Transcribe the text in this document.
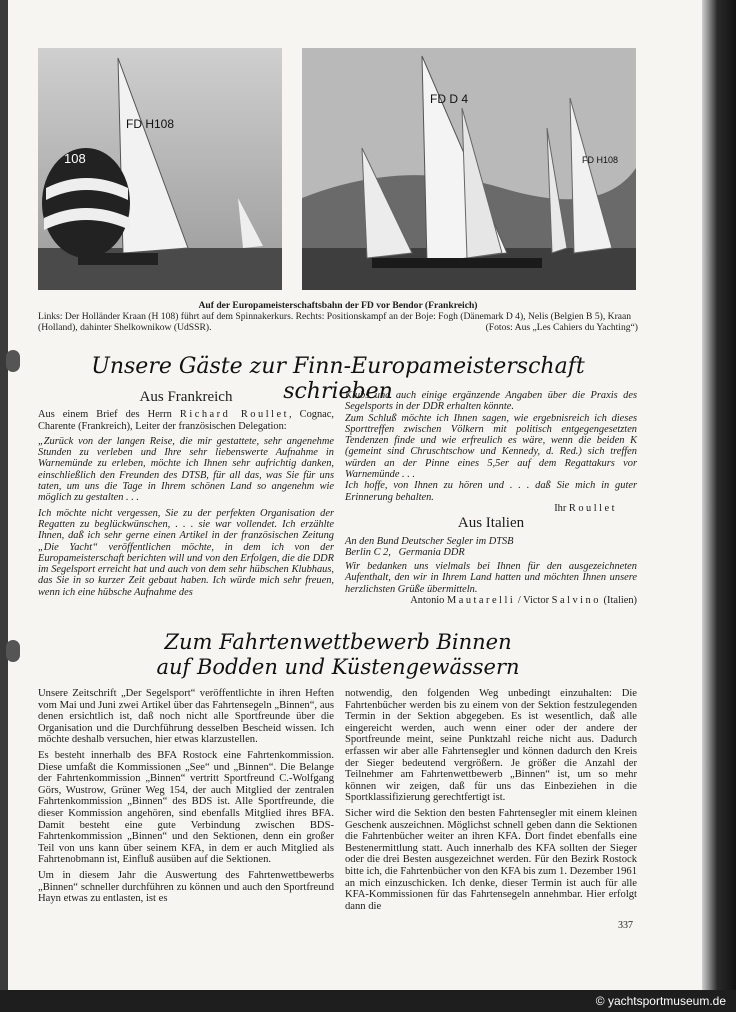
FD H108
108
FD D 4
FD H108
Auf der Europameisterschaftsbahn der FD vor Bendor (Frankreich)
Links: Der Holländer Kraan (H 108) führt auf dem Spinnakerkurs. Rechts: Positionskampf an der Boje: Fogh (Dänemark D 4), Nelis (Belgien B 5), Kraan (Holland), dahinter Shelkownikow (UdSSR).	(Fotos: Aus „Les Cahiers du Yachting“)
Unsere Gäste zur Finn-Europameisterschaft schrieben
Aus Frankreich

Aus einem Brief des Herrn Richard Roullet, Cognac, Charente (Frankreich), Leiter der französischen Delegation:

„Zurück von der langen Reise, die mir gestattete, sehr angenehme Stunden zu verleben und Ihre sehr liebenswerte Aufnahme in Warnemünde zu erleben, möchte ich Ihnen sehr aufrichtig danken, einschließlich den Freunden des DTSB, für all das, was Sie für uns taten, um uns die Tage in Ihrem schönen Land so angenehm wie möglich zu gestalten . . .

Ich möchte nicht vergessen, Sie zu der perfekten Organisation der Regatten zu beglückwünschen, . . . sie war vollendet. Ich erzählte Ihnen, daß ich sehr gerne einen Artikel in der französischen Zeitung „Die Yacht“ veröffentlichen möchte, in dem ich von der Europameisterschaft berichten will und von den Erfolgen, die die DDR im Segelsport erreicht hat und auch von dem sehr hübschen Klubhaus, das Sie in so kurzer Zeit gebaut haben. Ich würde mich sehr freuen, wenn ich eine hübsche Aufnahme des

Klubs und auch einige ergänzende Angaben über die Praxis des Segelsports in der DDR erhalten könnte.

Zum Schluß möchte ich Ihnen sagen, wie ergebnisreich ich dieses Sporttreffen zwischen Völkern mit politisch entgegengesetzten Tendenzen finde und wie erfreulich es wäre, wenn die beiden K (gemeint sind Chruschtschow und Kennedy, d. Red.) sich treffen würden an der Pinne eines 5,5er auf dem Regattakurs vor Warnemünde . . .

Ich hoffe, von Ihnen zu hören und . . . daß Sie mich in guter Erinnerung behalten.

Ihr Roullet

Aus Italien
An den Bund Deutscher Segler im DTSB
Berlin C 2,   Germania DDR

Wir bedanken uns vielmals bei Ihnen für den ausgezeichneten Aufenthalt, den wir in Ihrem Land hatten und möchten Ihnen unsere herzlichsten Grüße übermitteln.

Antonio Mautarelli / Victor Salvino (Italien)

Zum Fahrtenwettbewerb Binnen
auf Bodden und Küstengewässern

Unsere Zeitschrift „Der Segelsport“ veröffentlichte in ihren Heften vom Mai und Juni zwei Artikel über das Fahrtensegeln „Binnen“, aus denen ersichtlich ist, daß noch nicht alle Sportfreunde über die Organisation und die Durchführung desselben Bescheid wissen. Ich möchte deshalb versuchen, hier etwas klarzustellen.

Es besteht innerhalb des BFA Rostock eine Fahrtenkommission. Diese umfaßt die Kommissionen „See“ und „Binnen“. Die Belange der Fahrtenkommission „Binnen“ vertritt Sportfreund C.-Wolfgang Görs, Wustrow, Grüner Weg 154, der auch Mitglied der zentralen Fahrtenkommission „Binnen“ des BDS ist. Alle Sportfreunde, die dieser Kommission angehören, sind ebenfalls Mitglied ihres BFA. Damit besteht eine gute Verbindung zwischen BDS-Fahrtenkommission „Binnen“ und den Sektionen, denn ein großer Teil von uns kann über seinem KFA, in dem er auch Mitglied als Fahrtenobmann ist, Einfluß ausüben auf die Sektionen.

Um in diesem Jahr die Auswertung des Fahrtenwettbewerbs „Binnen“ schneller durchführen zu können und auch den Sportfreund Hayn etwas zu entlasten, ist es

notwendig, den folgenden Weg unbedingt einzuhalten: Die Fahrtenbücher werden bis zu einem von der Sektion festzulegenden Termin in der Sektion abgegeben. Es ist wesentlich, daß alle eingereicht werden, auch wenn einer oder der andere der Sportfreunde meint, seine Punktzahl reiche nicht aus. Dadurch erfassen wir aber alle Fahrtensegler und können dadurch den Kreis der Sieger bedeutend vergrößern. Je größer die Anzahl der Teilnehmer am Fahrtenwettbewerb „Binnen“ ist, um so mehr können wir zeigen, daß für uns das Einbeziehen in die Sportklassifizierung gerechtfertigt ist.

Sicher wird die Sektion den besten Fahrtensegler mit einem kleinen Geschenk auszeichnen. Möglichst schnell geben dann die Sektionen die Fahrtenbücher weiter an ihren KFA. Dort findet ebenfalls eine Bestenermittlung statt. Auch innerhalb des KFA sollten der Sieger oder die drei Besten ausgezeichnet werden. Für den Bezirk Rostock bitte ich, die Fahrtenbücher von den KFA bis zum 1. Dezember 1961 an mich einzuschicken. Ich denke, dieser Termin ist auch für alle KFA-Kommissionen für das Fahrtensegeln annehmbar. Hier erfolgt dann die

337
© yachtsportmuseum.de
